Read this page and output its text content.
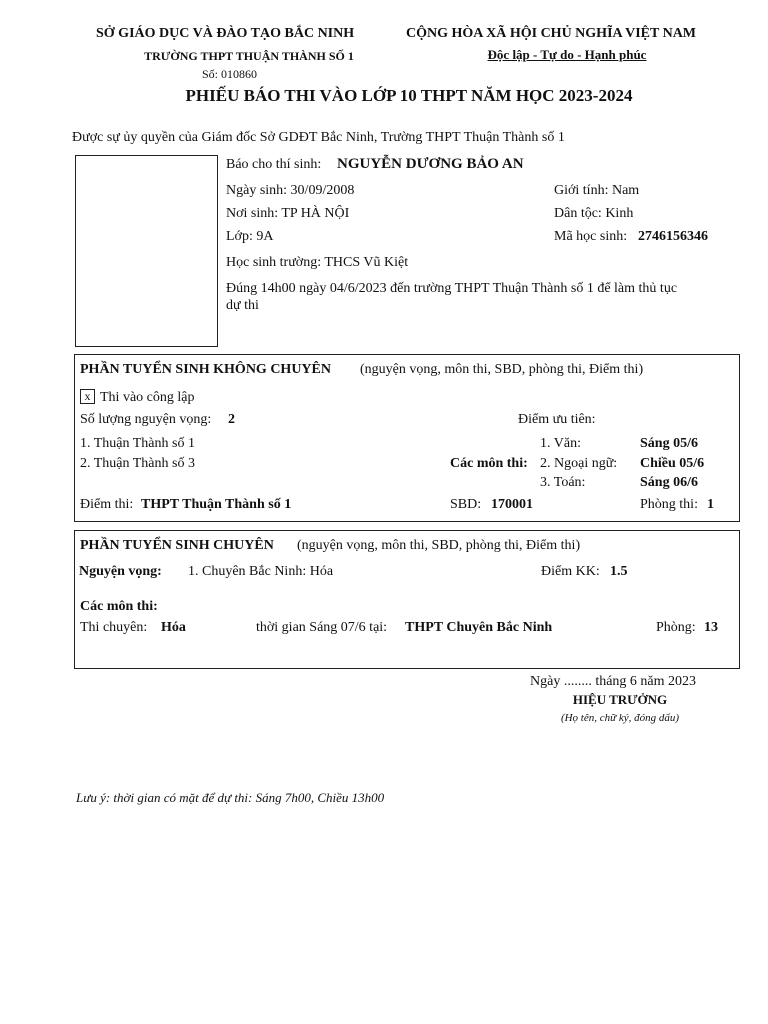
SỞ GIÁO DỤC VÀ ĐÀO TẠO BẮC NINH
TRƯỜNG THPT THUẬN THÀNH SỐ 1
Số: 010860
CỘNG HÒA XÃ HỘI CHỦ NGHĨA VIỆT NAM
Độc lập - Tự do - Hạnh phúc
PHIẾU BÁO THI VÀO LỚP 10 THPT NĂM HỌC 2023-2024
Được sự ủy quyền của Giám đốc Sở GDĐT Bắc Ninh, Trường THPT Thuận Thành số 1
Báo cho thí sinh: NGUYỄN DƯƠNG BẢO AN
Ngày sinh: 30/09/2008	Giới tính: Nam
Nơi sinh: TP HÀ NỘI	Dân tộc: Kinh
Lớp: 9A	Mã học sinh: 2746156346
Học sinh trường: THCS Vũ Kiệt
Đúng 14h00 ngày 04/6/2023 đến trường THPT Thuận Thành số 1 để làm thủ tục
dự thi
PHẦN TUYỂN SINH KHÔNG CHUYÊN (nguyện vọng, môn thi, SBD, phòng thi, Điểm thi)
x Thi vào công lập
Số lượng nguyện vọng: 2	Điểm ưu tiên:
1. Thuận Thành số 1
2. Thuận Thành số 3	Các môn thi:
1. Văn:	Sáng 05/6
2. Ngoại ngữ: Chiều 05/6
3. Toán:	Sáng 06/6
Điểm thi: THPT Thuận Thành số 1	SBD: 170001	Phòng thi: 1
PHẦN TUYỂN SINH CHUYÊN (nguyện vọng, môn thi, SBD, phòng thi, Điểm thi)
Nguyện vọng: 1. Chuyên Bắc Ninh: Hóa	Điểm KK: 1.5
Các môn thi:
Thi chuyên: Hóa	thời gian Sáng 07/6 tại: THPT Chuyên Bắc Ninh	Phòng: 13
Ngày ........ tháng 6 năm 2023
HIỆU TRƯỞNG
(Họ tên, chữ ký, đóng dấu)
Lưu ý: thời gian có mặt để dự thi: Sáng 7h00, Chiều 13h00
